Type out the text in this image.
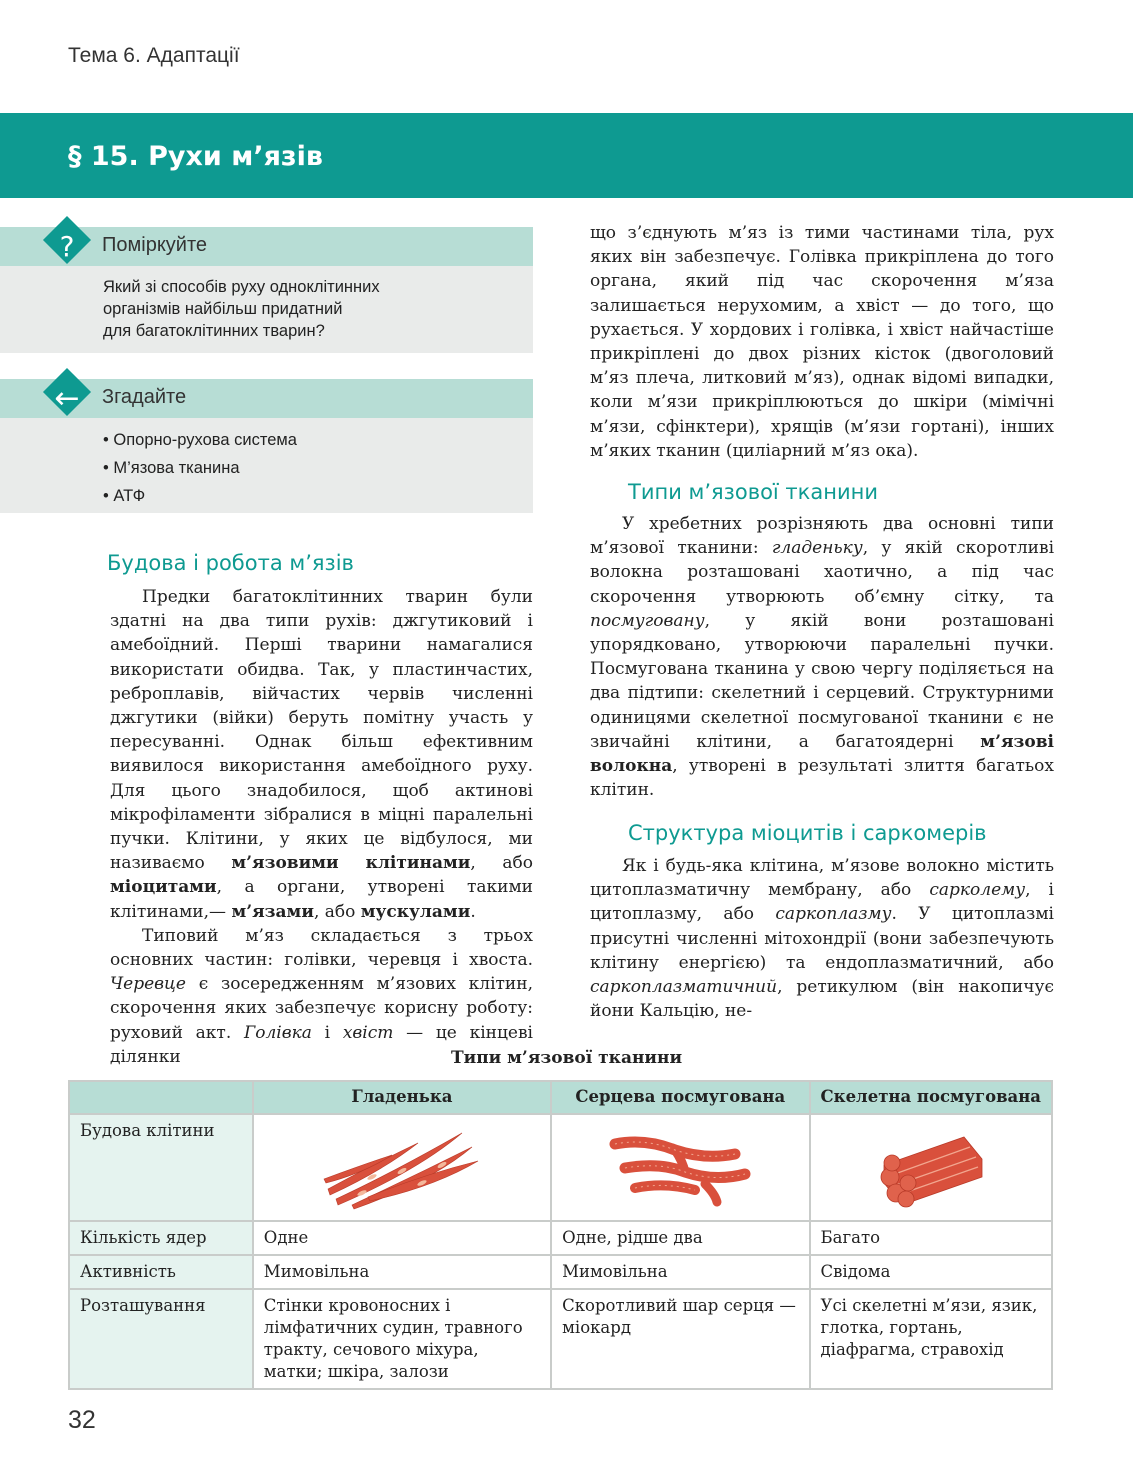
Тема 6. Адаптації
§ 15. Рухи м’язів
?	Поміркуйте
Який зі способів руху одноклітинних
організмів найбільш придатний
для багатоклітинних тварин?
←	Згадайте
• Опорно-рухова система
• М’язова тканина
• АТФ
Будова і робота м’язів

Предки багатоклітинних тварин були здатні на два типи рухів: джгутиковий і амебоїдний. Перші тварини намагалися використати обидва. Так, у пластинчастих, реброплавів, війчастих червів численні джгутики (війки) беруть помітну участь у пересуванні. Однак більш ефективним виявилося використання амебоїдного руху. Для цього знадобилося, щоб актинові мікрофіламенти зібралися в міцні паралельні пучки. Клітини, у яких це відбулося, ми називаємо м’язовими клітинами, або міоцитами, а органи, утворені такими клітинами,— м’язами, або мускулами.

Типовий м’яз складається з трьох основних частин: голівки, черевця і хвоста. Черевце є зосередженням м’язових клітин, скорочення яких забезпечує корисну роботу: руховий акт. Голівка і хвіст — це кінцеві ділянки

що з’єднують м’яз із тими частинами тіла, рух яких він забезпечує. Голівка прикріплена до того органа, який під час скорочення м’яза залишається нерухомим, а хвіст — до того, що рухається. У хордових і голівка, і хвіст найчастіше прикріплені до двох різних кісток (двоголовий м’яз плеча, литковий м’яз), однак відомі випадки, коли м’язи прикріплюються до шкіри (мімічні м’язи, сфінктери), хрящів (м’язи гортані), інших м’яких тканин (циліарний м’яз ока).

Типи м’язової тканини

У хребетних розрізняють два основні типи м’язової тканини: гладеньку, у якій скоротливі волокна розташовані хаотично, а під час скорочення утворюють об’ємну сітку, та посмуговану, у якій вони розташовані упорядковано, утворюючи паралельні пучки. Посмугована тканина у свою чергу поділяється на два підтипи: скелетний і серцевий. Структурними одиницями скелетної посмугованої тканини є не звичайні клітини, а багатоядерні м’язові волокна, утворені в результаті злиття багатьох клітин.

Структура міоцитів і саркомерів

Як і будь-яка клітина, м’язове волокно містить цитоплазматичну мембрану, або сарколему, і цитоплазму, або саркоплазму. У цитоплазмі присутні численні мітохондрії (вони забезпечують клітину енергією) та ендоплазматичний, або саркоплазматичний, ретикулюм (він накопичує йони Кальцію, не-

Типи м’язової тканини
	Гладенька	Серцева посмугована	Скелетна посмугована
Будова клітини	

Кількість ядер	Одне	Одне, рідше два	Багато
Активність	Мимовільна	Мимовільна	Свідома
Розташування	Стінки кровоносних і лімфатичних судин, травного тракту, сечового міхура, матки; шкіра, залози	Скоротливий шар серця — міокард	Усі скелетні м’язи, язик, глотка, гортань, діафрагма, стравохід
32
